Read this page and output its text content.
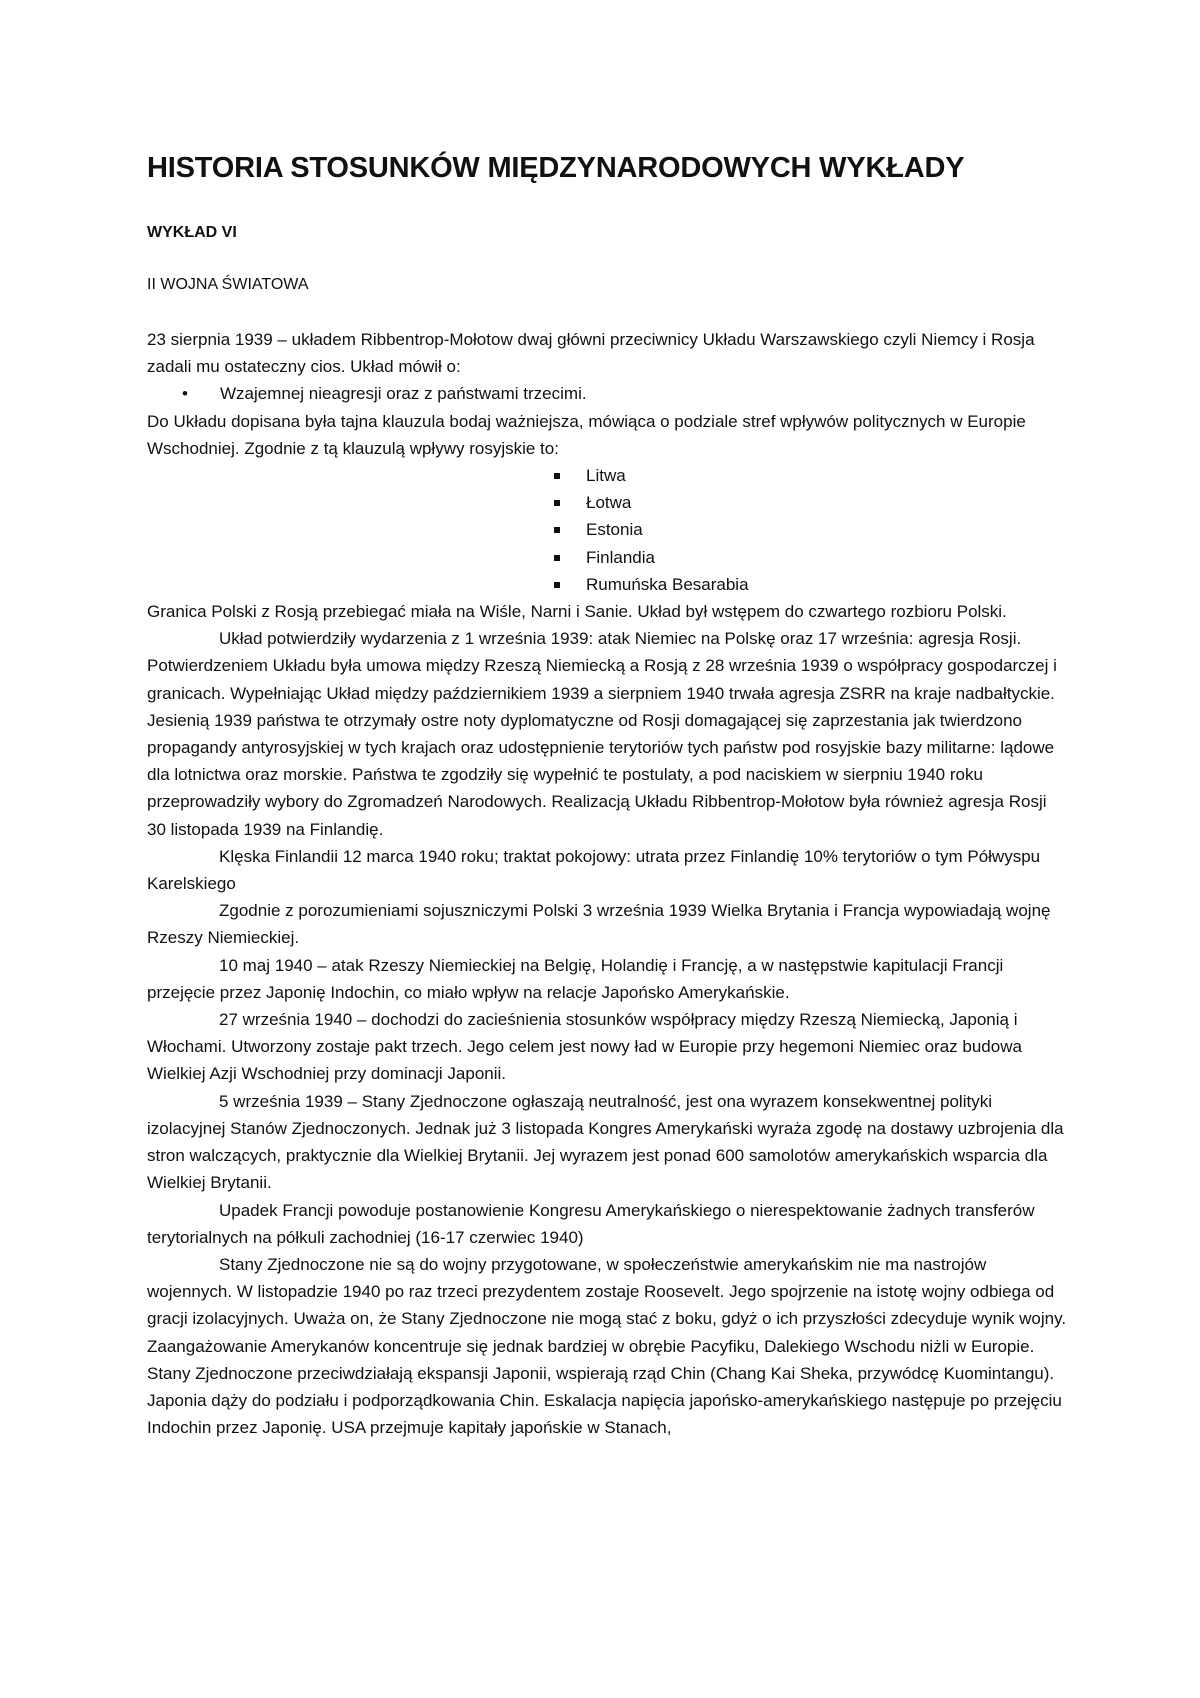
HISTORIA STOSUNKÓW MIĘDZYNARODOWYCH WYKŁADY
WYKŁAD VI
II WOJNA ŚWIATOWA

23 sierpnia 1939 – układem Ribbentrop-Mołotow dwaj główni przeciwnicy Układu Warszawskiego czyli Niemcy i Rosja zadali mu ostateczny cios. Układ mówił o:

• Wzajemnej nieagresji oraz z państwami trzecimi.

Do Układu dopisana była tajna klauzula bodaj ważniejsza, mówiąca o podziale stref wpływów politycznych w Europie Wschodniej. Zgodnie z tą klauzulą wpływy rosyjskie to:

Litwa
Łotwa
Estonia
Finlandia
Rumuńska Besarabia

Granica Polski z Rosją przebiegać miała na Wiśle, Narni i Sanie. Układ był wstępem do czwartego rozbioru Polski.

Układ potwierdziły wydarzenia z 1 września 1939: atak Niemiec na Polskę oraz 17 września: agresja Rosji. Potwierdzeniem Układu była umowa między Rzeszą Niemiecką a Rosją z 28 września 1939 o współpracy gospodarczej i granicach. Wypełniając Układ między październikiem 1939 a sierpniem 1940 trwała agresja ZSRR na kraje nadbałtyckie. Jesienią 1939 państwa te otrzymały ostre noty dyplomatyczne od Rosji domagającej się zaprzestania jak twierdzono propagandy antyrosyjskiej w tych krajach oraz udostępnienie terytoriów tych państw pod rosyjskie bazy militarne: lądowe dla lotnictwa oraz morskie. Państwa te zgodziły się wypełnić te postulaty, a pod naciskiem w sierpniu 1940 roku przeprowadziły wybory do Zgromadzeń Narodowych. Realizacją Układu Ribbentrop-Mołotow była również agresja Rosji 30 listopada 1939 na Finlandię.

Klęska Finlandii 12 marca 1940 roku; traktat pokojowy: utrata przez Finlandię 10% terytoriów o tym Półwyspu Karelskiego

Zgodnie z porozumieniami sojuszniczymi Polski 3 września 1939 Wielka Brytania i Francja wypowiadają wojnę Rzeszy Niemieckiej.

10 maj 1940 – atak Rzeszy Niemieckiej na Belgię, Holandię i Francję, a w następstwie kapitulacji Francji przejęcie przez Japonię Indochin, co miało wpływ na relacje Japońsko Amerykańskie.

27 września 1940 – dochodzi do zacieśnienia stosunków współpracy między Rzeszą Niemiecką, Japonią i Włochami. Utworzony zostaje pakt trzech. Jego celem jest nowy ład w Europie przy hegemoni Niemiec oraz budowa Wielkiej Azji Wschodniej przy dominacji Japonii.

5 września 1939 – Stany Zjednoczone ogłaszają neutralność, jest ona wyrazem konsekwentnej polityki izolacyjnej Stanów Zjednoczonych. Jednak już 3 listopada Kongres Amerykański wyraża zgodę na dostawy uzbrojenia dla stron walczących, praktycznie dla Wielkiej Brytanii. Jej wyrazem jest ponad 600 samolotów amerykańskich wsparcia dla Wielkiej Brytanii.

Upadek Francji powoduje postanowienie Kongresu Amerykańskiego o nierespektowanie żadnych transferów terytorialnych na półkuli zachodniej (16-17 czerwiec 1940)

Stany Zjednoczone nie są do wojny przygotowane, w społeczeństwie amerykańskim nie ma nastrojów wojennych. W listopadzie 1940 po raz trzeci prezydentem zostaje Roosevelt. Jego spojrzenie na istotę wojny odbiega od gracji izolacyjnych. Uważa on, że Stany Zjednoczone nie mogą stać z boku, gdyż o ich przyszłości zdecyduje wynik wojny. Zaangażowanie Amerykanów koncentruje się jednak bardziej w obrębie Pacyfiku, Dalekiego Wschodu niżli w Europie. Stany Zjednoczone przeciwdziałają ekspansji Japonii, wspierają rząd Chin (Chang Kai Sheka, przywódcę Kuomintangu). Japonia dąży do podziału i podporządkowania Chin. Eskalacja napięcia japońsko-amerykańskiego następuje po przejęciu Indochin przez Japonię. USA przejmuje kapitały japońskie w Stanach,
